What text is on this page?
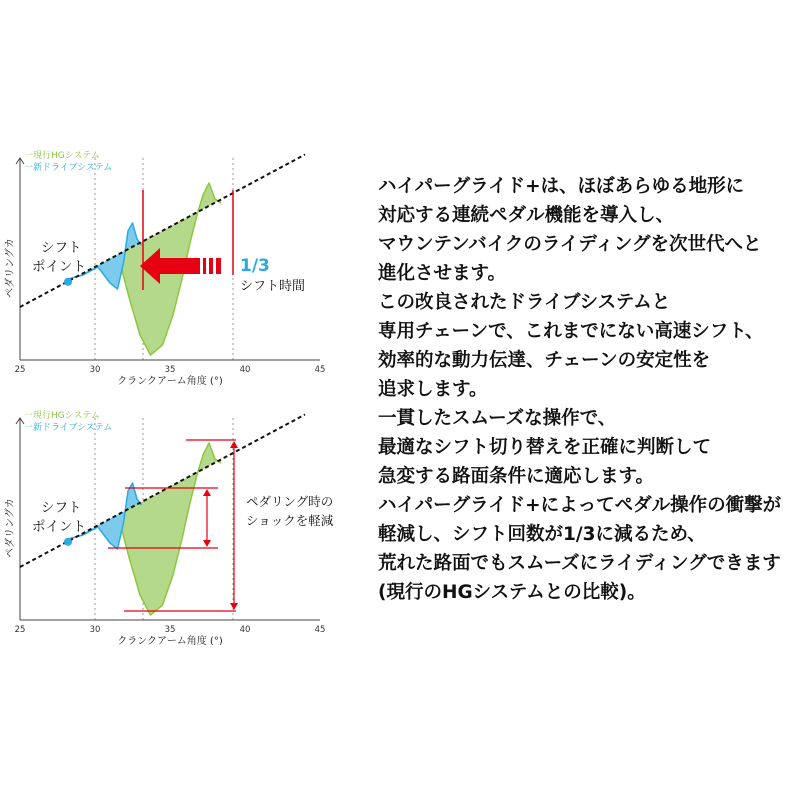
一現行HGシステム
一新ドライブシステム
ペダリングカ
25	30	35	40	45
クランクアーム角度 (°)
シフト
ポイント	1/3
シフト時間
一現行HGシステム
一新ドライブシステム
ペダリングカ
25	30	35	40	45
クランクアーム角度 (°)
シフト
ポイント
ペダリング時の
ショックを軽減

ハイパーグライド+は、ほぼあらゆる地形に

対応する連続ペダル機能を導入し、

マウンテンバイクのライディングを次世代へと

進化させます。

この改良されたドライブシステムと

専用チェーンで、これまでにない高速シフト、

効率的な動力伝達、チェーンの安定性を

追求します。

一貫したスムーズな操作で、

最適なシフト切り替えを正確に判断して

急変する路面条件に適応します。

ハイパーグライド+によってペダル操作の衝撃が

軽減し、シフト回数が1/3に減るため、

荒れた路面でもスムーズにライディングできます

(現行のHGシステムとの比較)。
